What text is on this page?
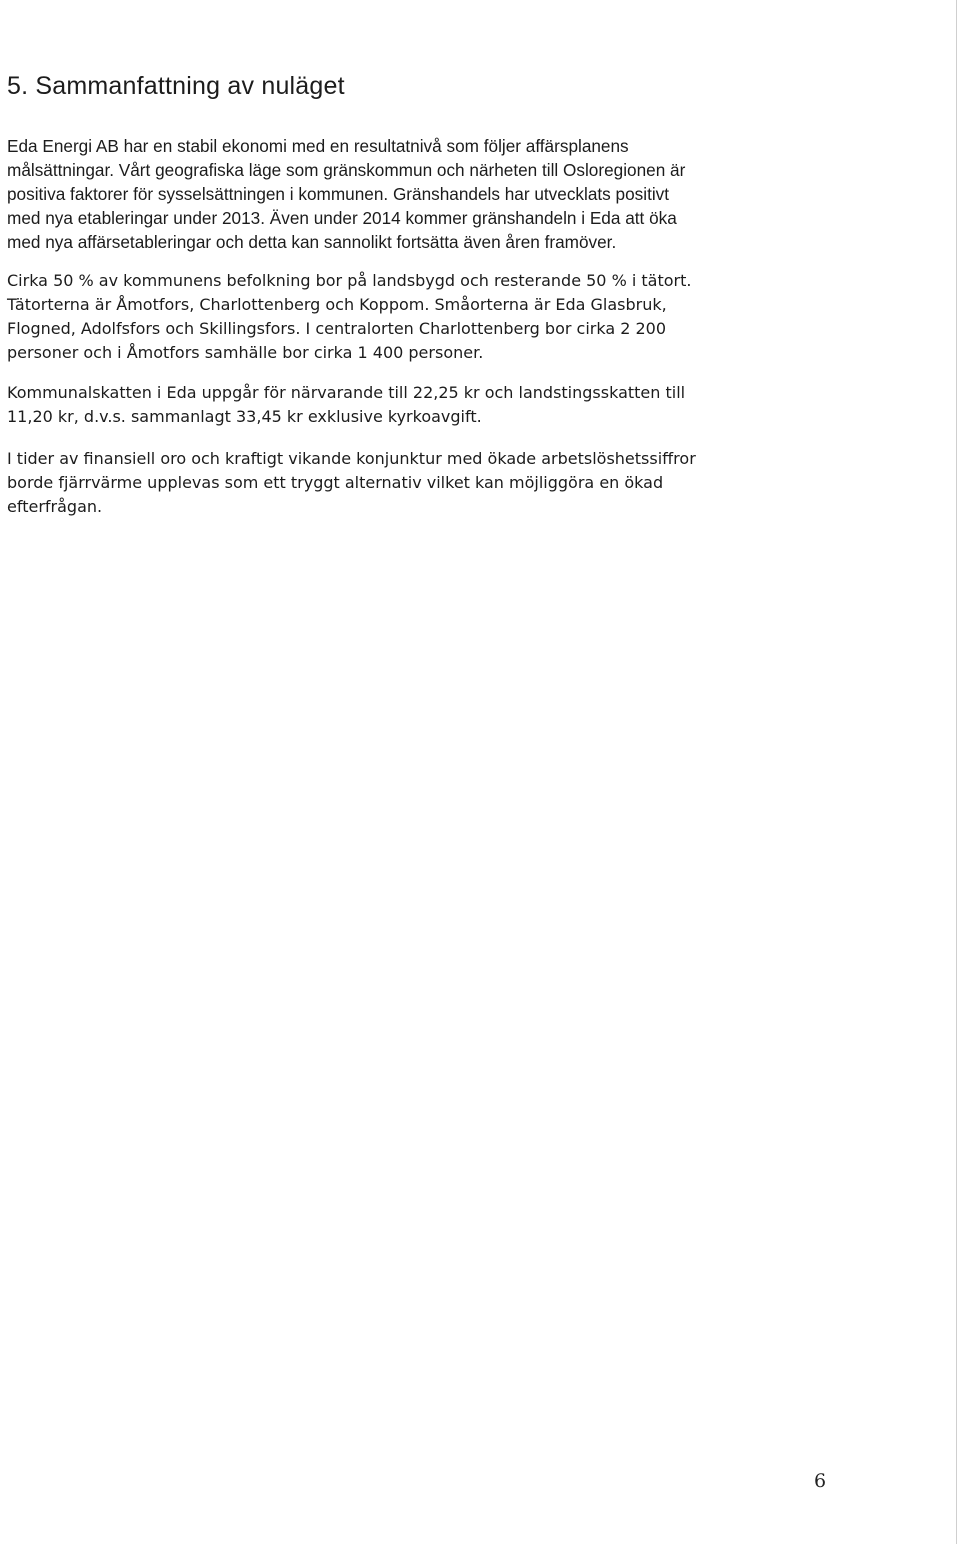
5. Sammanfattning av nuläget

Eda Energi AB har en stabil ekonomi med en resultatnivå som följer affärsplanens
målsättningar. Vårt geografiska läge som gränskommun och närheten till Osloregionen är
positiva faktorer för sysselsättningen i kommunen. Gränshandels har utvecklats positivt
med nya etableringar under 2013. Även under 2014 kommer gränshandeln i Eda att öka
med nya affärsetableringar och detta kan sannolikt fortsätta även åren framöver.

Cirka 50 % av kommunens befolkning bor på landsbygd och resterande 50 % i tätort.
Tätorterna är Åmotfors, Charlottenberg och Koppom. Småorterna är Eda Glasbruk,
Flogned, Adolfsfors och Skillingsfors. I centralorten Charlottenberg bor cirka 2 200
personer och i Åmotfors samhälle bor cirka 1 400 personer.

Kommunalskatten i Eda uppgår för närvarande till 22,25 kr och landstingsskatten till
11,20 kr, d.v.s. sammanlagt 33,45 kr exklusive kyrkoavgift.

I tider av finansiell oro och kraftigt vikande konjunktur med ökade arbetslöshetssiffror
borde fjärrvärme upplevas som ett tryggt alternativ vilket kan möjliggöra en ökad
efterfrågan.

6
